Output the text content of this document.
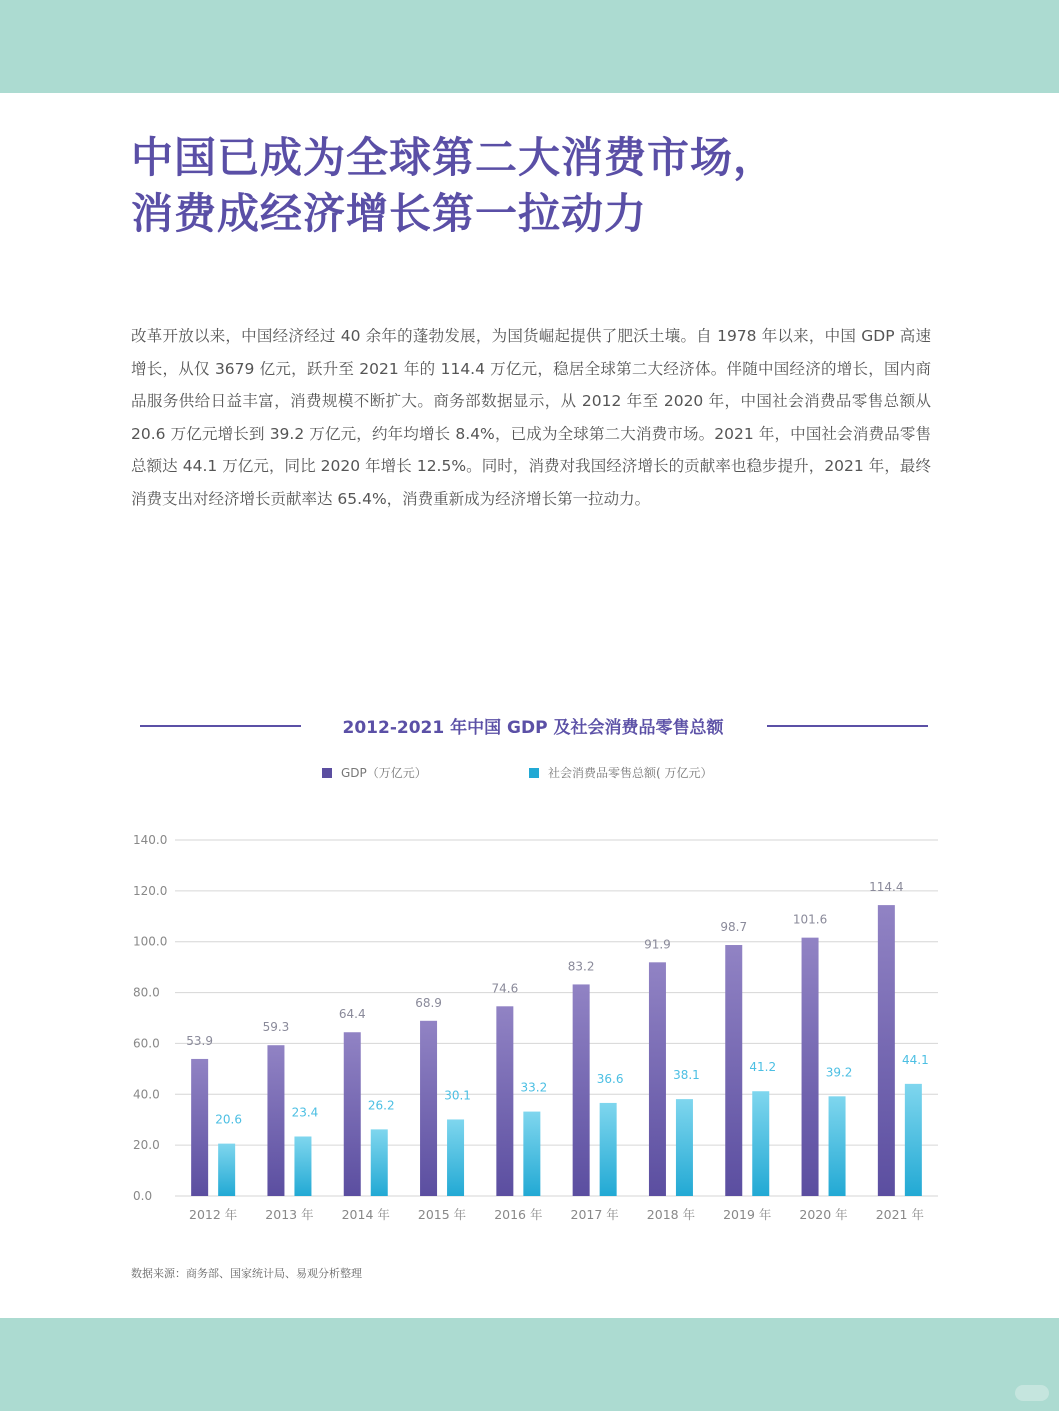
中国已成为全球第二大消费市场，
消费成经济增长第一拉动力
改革开放以来，中国经济经过 40 余年的蓬勃发展，为国货崛起提供了肥沃土壤。自 1978 年以来，中国 GDP 高速增长，从仅 3679 亿元，跃升至 2021 年的 114.4 万亿元，稳居全球第二大经济体。伴随中国经济的增长，国内商品服务供给日益丰富，消费规模不断扩大。商务部数据显示，从 2012 年至 2020 年，中国社会消费品零售总额从 20.6 万亿元增长到 39.2 万亿元，约年均增长 8.4%，已成为全球第二大消费市场。2021 年，中国社会消费品零售总额达 44.1 万亿元，同比 2020 年增长 12.5%。同时，消费对我国经济增长的贡献率也稳步提升，2021 年，最终消费支出对经济增长贡献率达 65.4%，消费重新成为经济增长第一拉动力。
2012-2021 年中国 GDP 及社会消费品零售总额
GDP（万亿元）	社会消费品零售总额( 万亿元）
0.0
20.0
40.0
60.0
80.0
100.0
120.0
140.0
53.9
20.6
2012 年
59.3
23.4
2013 年
64.4
26.2
2014 年
68.9
30.1
2015 年
74.6
33.2
2016 年
83.2
36.6
2017 年
91.9
38.1
2018 年
98.7
41.2
2019 年
101.6
39.2
2020 年
114.4
44.1
2021 年
数据来源：商务部、国家统计局、易观分析整理
